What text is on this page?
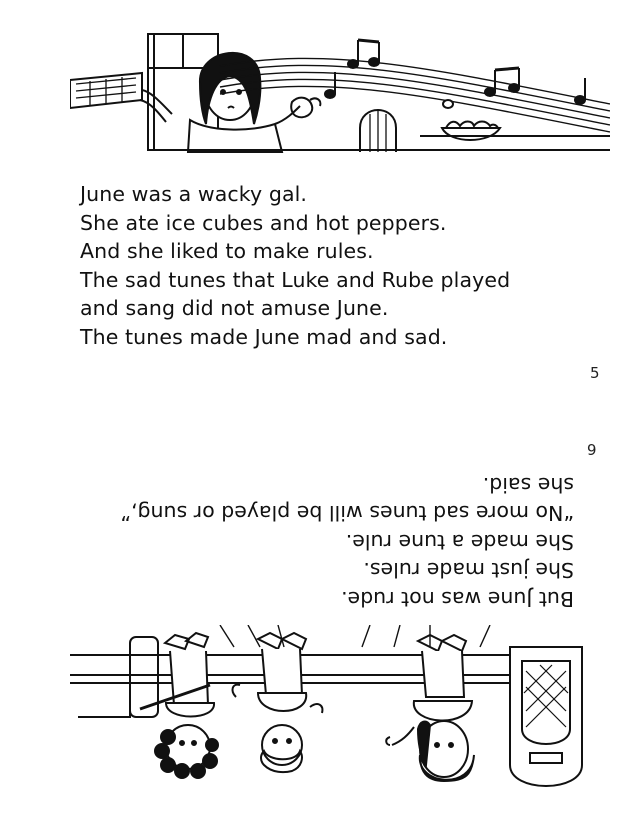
June was a wacky gal.
She ate ice cubes and hot peppers.
And she liked to make rules.
The sad tunes that Luke and Rube played
and sang did not amuse June.
The tunes made June mad and sad.
5
6
But June was not rude.
She just made rules.
She made a tune rule.
“No more sad tunes will be played or sung,”
she said.
